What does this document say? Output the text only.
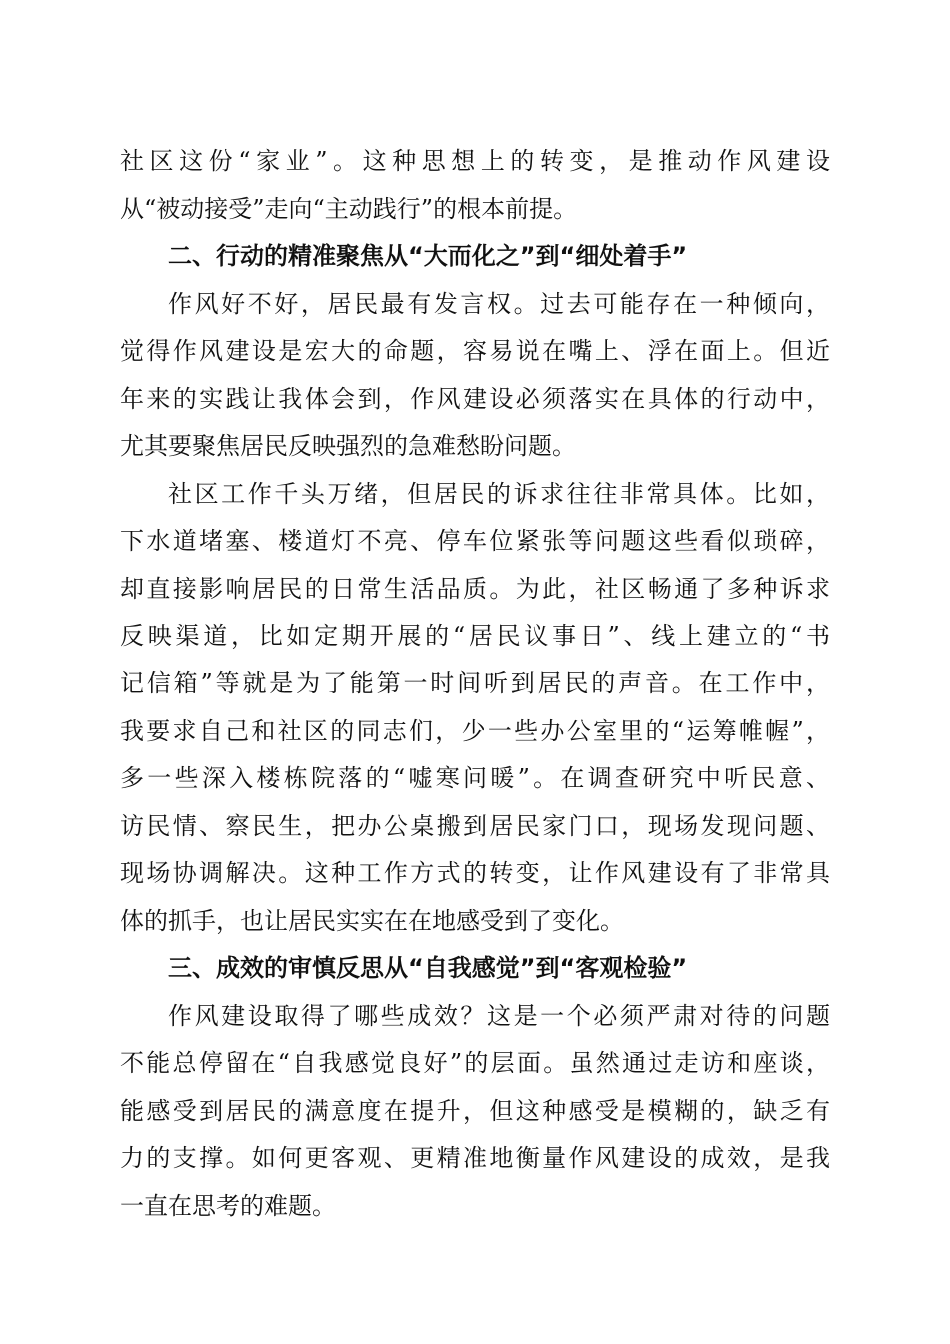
社区这份“家业”。这种思想上的转变，是推动作风建设
从“被动接受”走向“主动践行”的根本前提。
二、行动的精准聚焦从“大而化之”到“细处着手”
作风好不好，居民最有发言权。过去可能存在一种倾向，
觉得作风建设是宏大的命题，容易说在嘴上、浮在面上。但近
年来的实践让我体会到，作风建设必须落实在具体的行动中，
尤其要聚焦居民反映强烈的急难愁盼问题。
社区工作千头万绪，但居民的诉求往往非常具体。比如，
下水道堵塞、楼道灯不亮、停车位紧张等问题这些看似琐碎，
却直接影响居民的日常生活品质。为此，社区畅通了多种诉求
反映渠道，比如定期开展的“居民议事日”、线上建立的“书
记信箱”等就是为了能第一时间听到居民的声音。在工作中，
我要求自己和社区的同志们，少一些办公室里的“运筹帷幄”，
多一些深入楼栋院落的“嘘寒问暖”。在调查研究中听民意、
访民情、察民生，把办公桌搬到居民家门口，现场发现问题、
现场协调解决。这种工作方式的转变，让作风建设有了非常具
体的抓手，也让居民实实在在地感受到了变化。
三、成效的审慎反思从“自我感觉”到“客观检验”
作风建设取得了哪些成效？这是一个必须严肃对待的问题
不能总停留在“自我感觉良好”的层面。虽然通过走访和座谈，
能感受到居民的满意度在提升，但这种感受是模糊的，缺乏有
力的支撑。如何更客观、更精准地衡量作风建设的成效，是我
一直在思考的难题。
